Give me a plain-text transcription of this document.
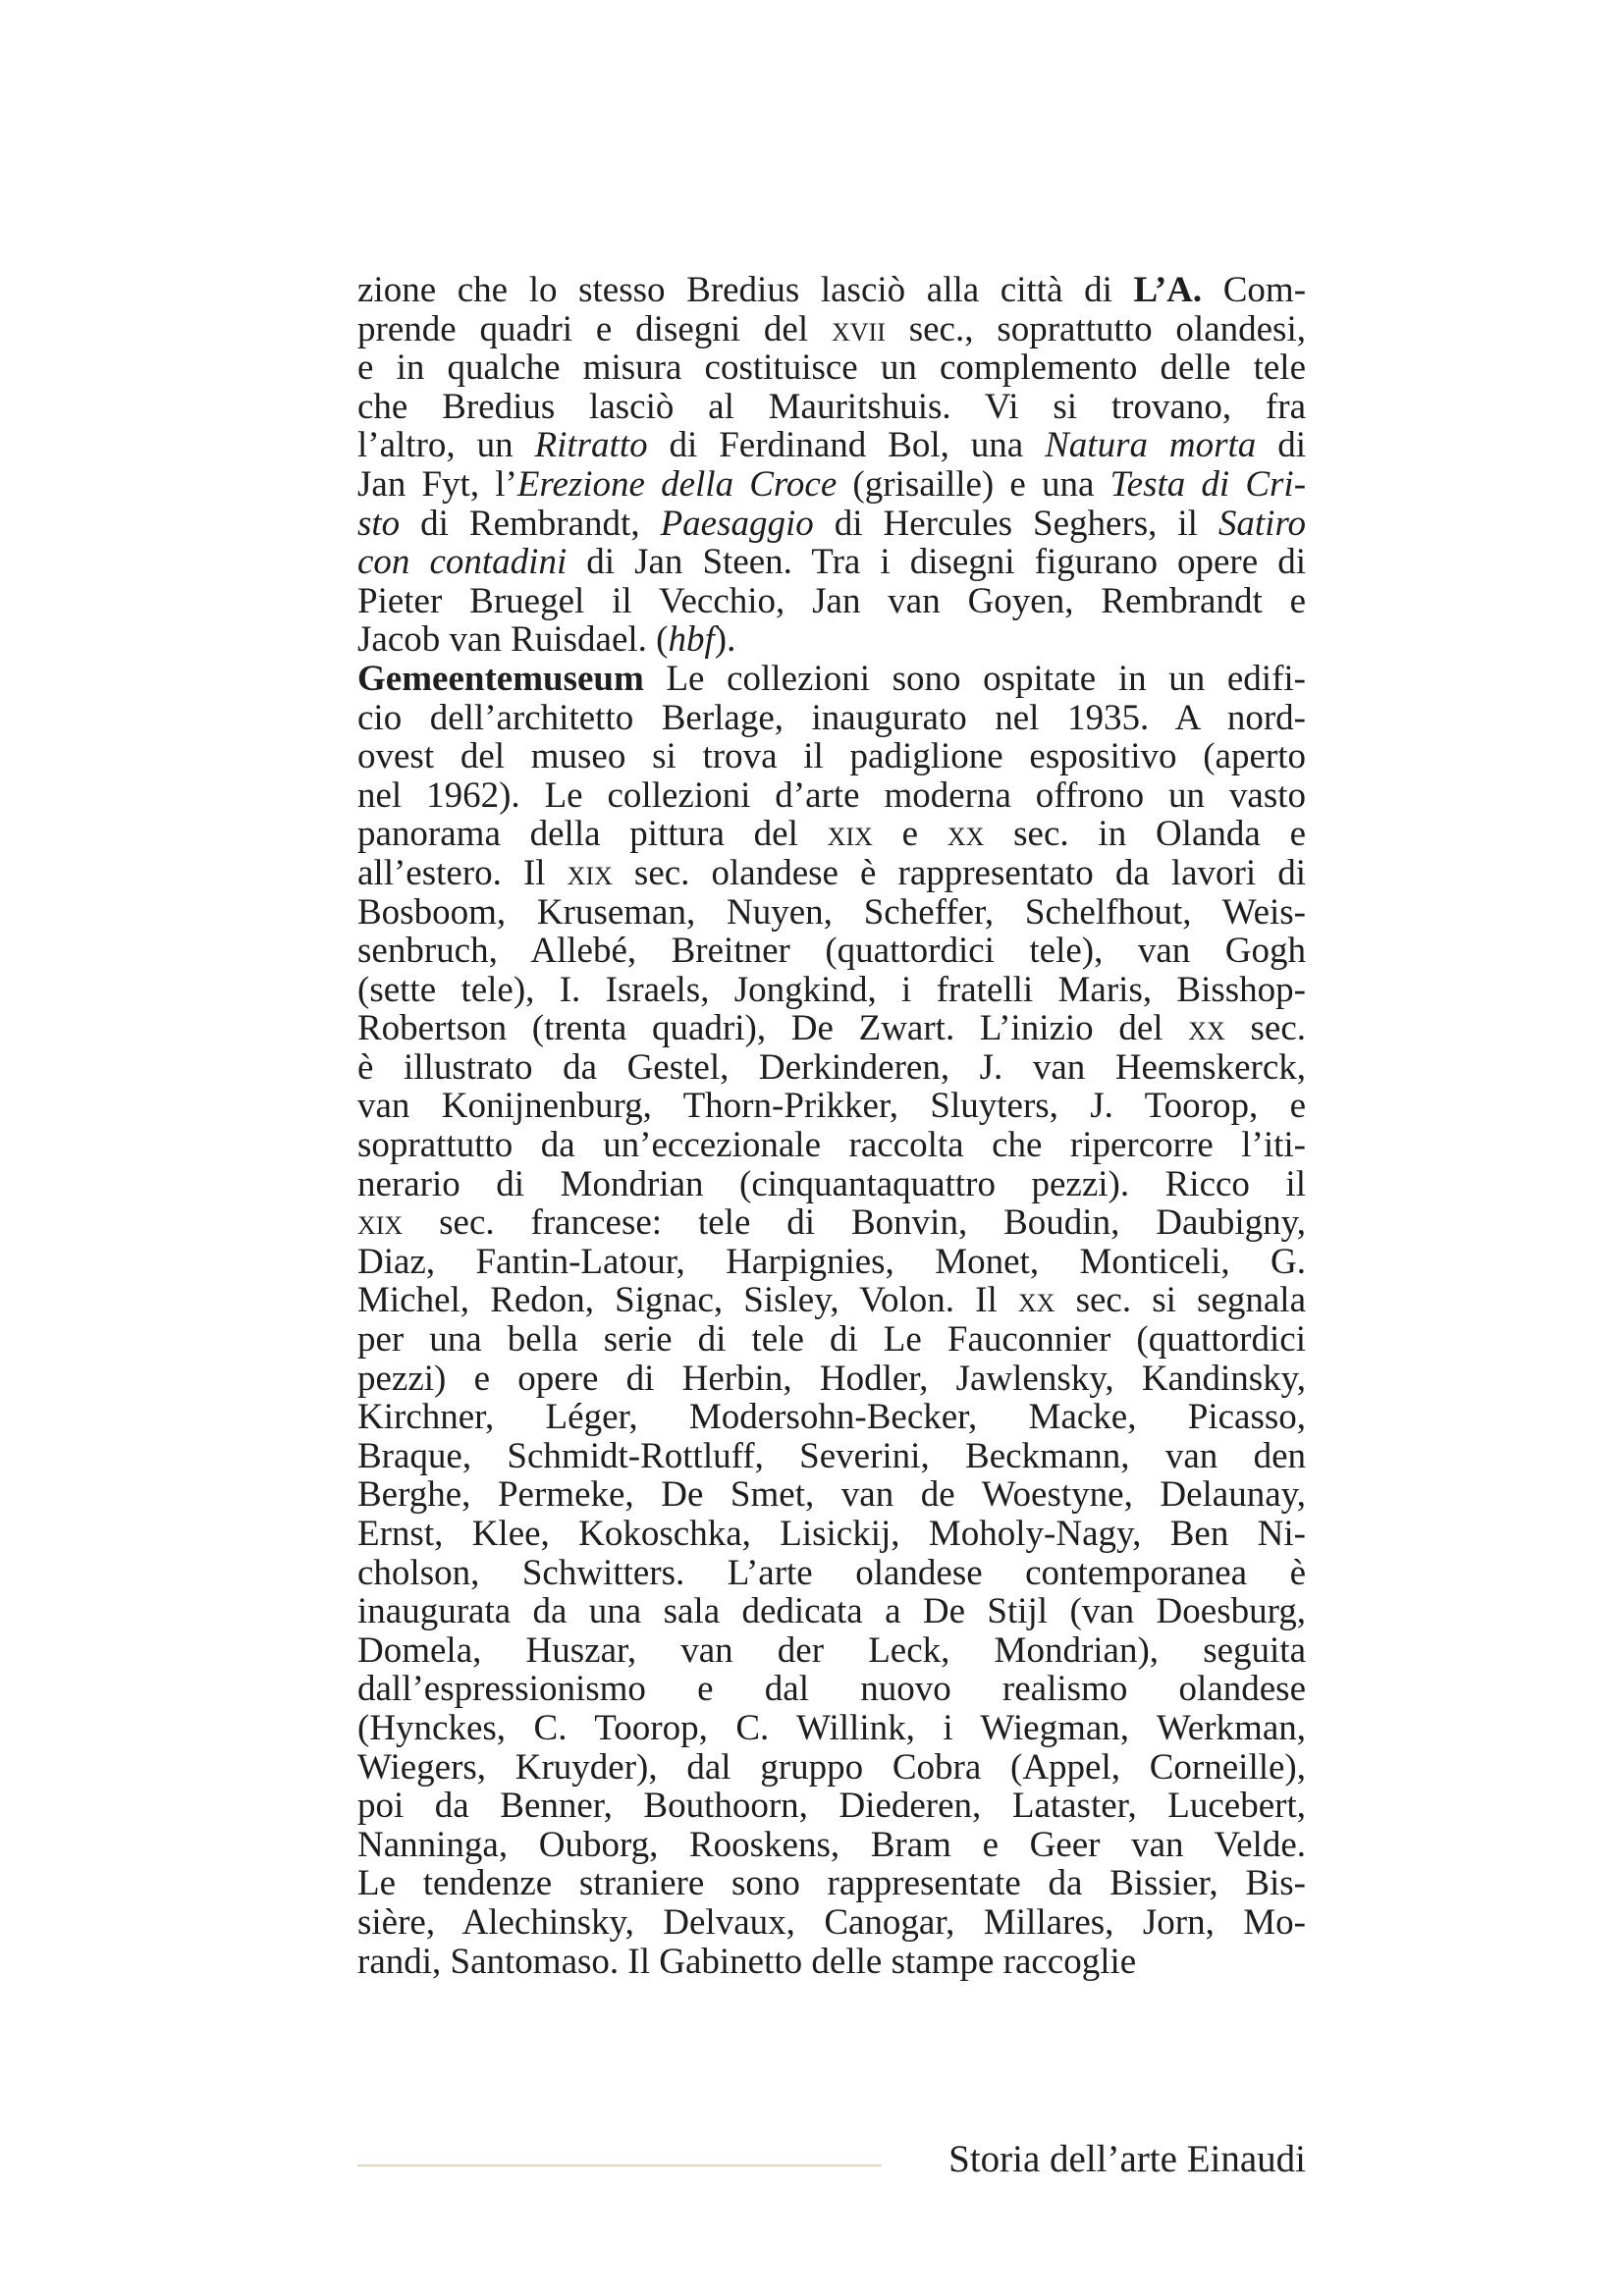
zione che lo stesso Bredius lasciò alla città di L’A. Com-
prende quadri e disegni del xvii sec., soprattutto olandesi,
e in qualche misura costituisce un complemento delle tele
che Bredius lasciò al Mauritshuis. Vi si trovano, fra
l’altro, un Ritratto di Ferdinand Bol, una Natura morta di
Jan Fyt, l’Erezione della Croce (grisaille) e una Testa di Cri-
sto di Rembrandt, Paesaggio di Hercules Seghers, il Satiro
con contadini di Jan Steen. Tra i disegni figurano opere di
Pieter Bruegel il Vecchio, Jan van Goyen, Rembrandt e
Jacob van Ruisdael. (hbf).
Gemeentemuseum Le collezioni sono ospitate in un edifi-
cio dell’architetto Berlage, inaugurato nel 1935. A nord-
ovest del museo si trova il padiglione espositivo (aperto
nel 1962). Le collezioni d’arte moderna offrono un vasto
panorama della pittura del xix e xx sec. in Olanda e
all’estero. Il xix sec. olandese è rappresentato da lavori di
Bosboom, Kruseman, Nuyen, Scheffer, Schelfhout, Weis-
senbruch, Allebé, Breitner (quattordici tele), van Gogh
(sette tele), I. Israels, Jongkind, i fratelli Maris, Bisshop-
Robertson (trenta quadri), De Zwart. L’inizio del xx sec.
è illustrato da Gestel, Derkinderen, J. van Heemskerck,
van Konijnenburg, Thorn-Prikker, Sluyters, J. Toorop, e
soprattutto da un’eccezionale raccolta che ripercorre l’iti-
nerario di Mondrian (cinquantaquattro pezzi). Ricco il
xix sec. francese: tele di Bonvin, Boudin, Daubigny,
Diaz, Fantin-Latour, Harpignies, Monet, Monticeli, G.
Michel, Redon, Signac, Sisley, Volon. Il xx sec. si segnala
per una bella serie di tele di Le Fauconnier (quattordici
pezzi) e opere di Herbin, Hodler, Jawlensky, Kandinsky,
Kirchner, Léger, Modersohn-Becker, Macke, Picasso,
Braque, Schmidt-Rottluff, Severini, Beckmann, van den
Berghe, Permeke, De Smet, van de Woestyne, Delaunay,
Ernst, Klee, Kokoschka, Lisickij, Moholy-Nagy, Ben Ni-
cholson, Schwitters. L’arte olandese contemporanea è
inaugurata da una sala dedicata a De Stijl (van Doesburg,
Domela, Huszar, van der Leck, Mondrian), seguita
dall’espressionismo e dal nuovo realismo olandese
(Hynckes, C. Toorop, C. Willink, i Wiegman, Werkman,
Wiegers, Kruyder), dal gruppo Cobra (Appel, Corneille),
poi da Benner, Bouthoorn, Diederen, Lataster, Lucebert,
Nanninga, Ouborg, Rooskens, Bram e Geer van Velde.
Le tendenze straniere sono rappresentate da Bissier, Bis-
sière, Alechinsky, Delvaux, Canogar, Millares, Jorn, Mo-
randi, Santomaso. Il Gabinetto delle stampe raccoglie
Storia dell’arte Einaudi
